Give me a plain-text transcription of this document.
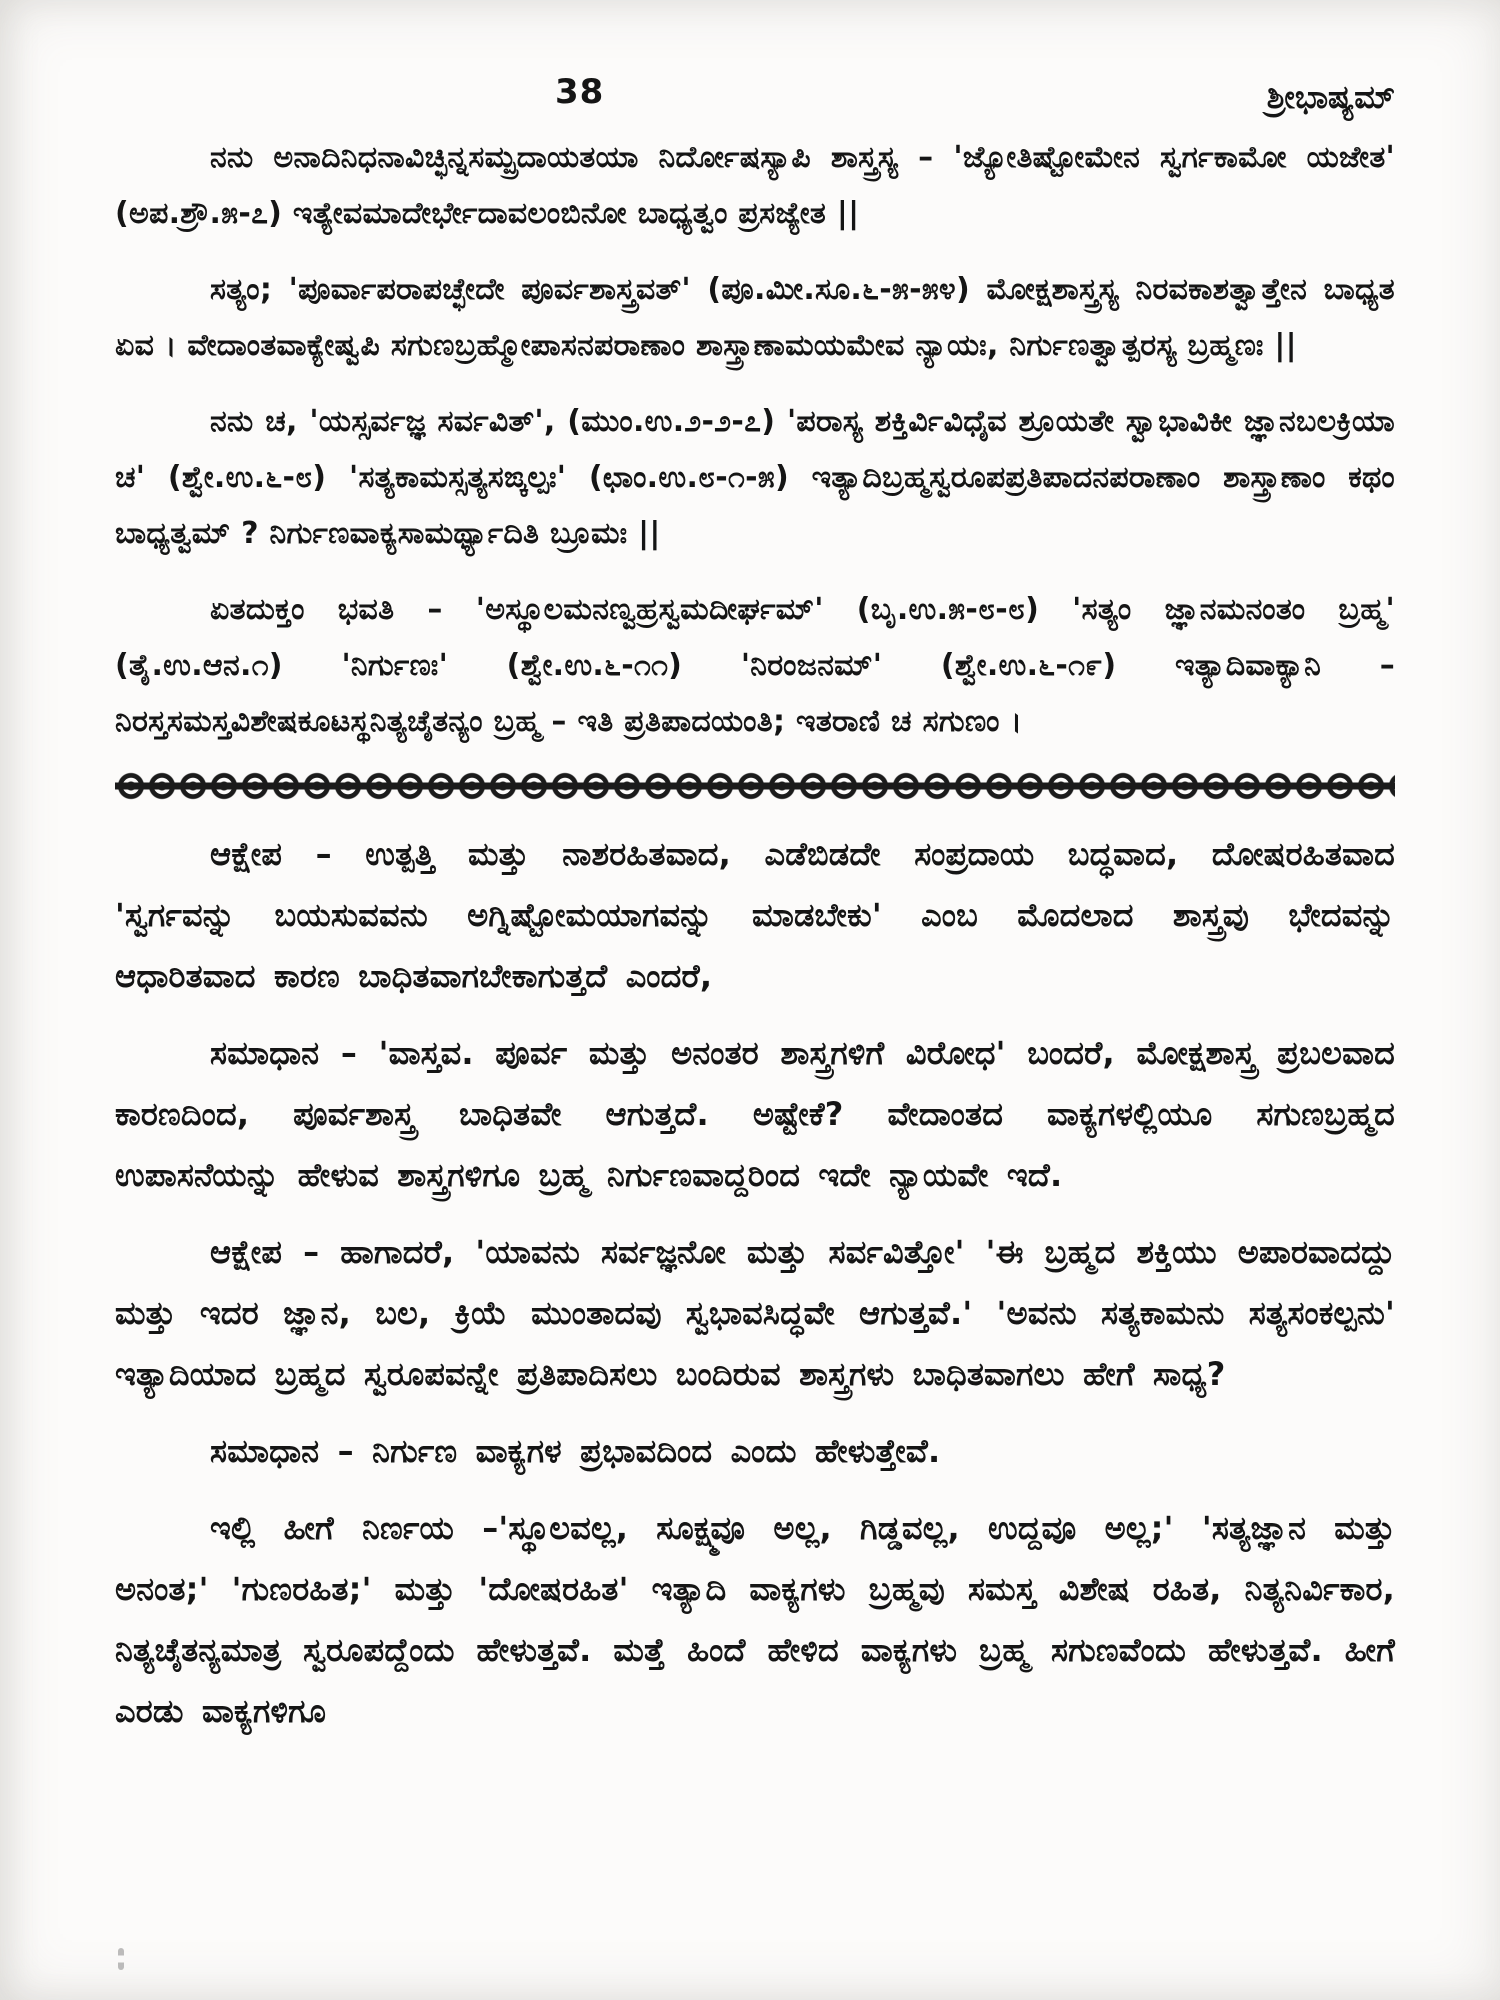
38	ಶ್ರೀಭಾಷ್ಯಮ್

ನನು ಅನಾದಿನಿಧನಾವಿಚ್ಛಿನ್ನಸಮ್ಪ್ರದಾಯತಯಾ ನಿರ್ದೋಷಸ್ಯಾಪಿ ಶಾಸ್ತ್ರಸ್ಯ – 'ಜ್ಯೋತಿಷ್ಟೋಮೇನ ಸ್ವರ್ಗಕಾಮೋ ಯಜೇತ' (ಅಪ.ಶ್ರೌ.೫-೭) ಇತ್ಯೇವಮಾದೇರ್ಭೇದಾವಲಂಬಿನೋ ಬಾಧ್ಯತ್ವಂ ಪ್ರಸಜ್ಯೇತ ||

ಸತ್ಯಂ; 'ಪೂರ್ವಾಪರಾಪಚ್ಛೇದೇ ಪೂರ್ವಶಾಸ್ತ್ರವತ್' (ಪೂ.ಮೀ.ಸೂ.೬-೫-೫೪) ಮೋಕ್ಷಶಾಸ್ತ್ರಸ್ಯ ನಿರವಕಾಶತ್ವಾತ್ತೇನ ಬಾಧ್ಯತ ಏವ । ವೇದಾಂತವಾಕ್ಯೇಷ್ವಪಿ ಸಗುಣಬ್ರಹ್ಮೋಪಾಸನಪರಾಣಾಂ ಶಾಸ್ತ್ರಾಣಾಮಯಮೇವ ನ್ಯಾಯಃ, ನಿರ್ಗುಣತ್ವಾತ್ಪರಸ್ಯ ಬ್ರಹ್ಮಣಃ ||

ನನು ಚ, 'ಯಸ್ಸರ್ವಜ್ಞ ಸರ್ವವಿತ್', (ಮುಂ.ಉ.೨-೨-೭) 'ಪರಾಸ್ಯ ಶಕ್ತಿರ್ವಿವಿಧೈವ ಶ್ರೂಯತೇ ಸ್ವಾಭಾವಿಕೀ ಜ್ಞಾನಬಲಕ್ರಿಯಾ ಚ' (ಶ್ವೇ.ಉ.೬-೮) 'ಸತ್ಯಕಾಮಸ್ಸತ್ಯಸಙ್ಕಲ್ಪಃ' (ಛಾಂ.ಉ.೮-೧-೫) ಇತ್ಯಾದಿಬ್ರಹ್ಮಸ್ವರೂಪಪ್ರತಿಪಾದನಪರಾಣಾಂ ಶಾಸ್ತ್ರಾಣಾಂ ಕಥಂ ಬಾಧ್ಯತ್ವಮ್ ? ನಿರ್ಗುಣವಾಕ್ಯಸಾಮರ್ಥ್ಯಾದಿತಿ ಬ್ರೂಮಃ ||

ಏತದುಕ್ತಂ ಭವತಿ – 'ಅಸ್ಥೂಲಮನಣ್ವಹ್ರಸ್ವಮದೀರ್ಘಮ್' (ಬೃ.ಉ.೫-೮-೮) 'ಸತ್ಯಂ ಜ್ಞಾನಮನಂತಂ ಬ್ರಹ್ಮ' (ತೈ.ಉ.ಆನ.೧) 'ನಿರ್ಗುಣಃ' (ಶ್ವೇ.ಉ.೬-೧೧) 'ನಿರಂಜನಮ್' (ಶ್ವೇ.ಉ.೬-೧೯) ಇತ್ಯಾದಿವಾಕ್ಯಾನಿ – ನಿರಸ್ತಸಮಸ್ತವಿಶೇಷಕೂಟಸ್ಥನಿತ್ಯಚೈತನ್ಯಂ ಬ್ರಹ್ಮ – ಇತಿ ಪ್ರತಿಪಾದಯಂತಿ; ಇತರಾಣಿ ಚ ಸಗುಣಂ ।

ಆಕ್ಷೇಪ – ಉತ್ಪತ್ತಿ ಮತ್ತು ನಾಶರಹಿತವಾದ, ಎಡೆಬಿಡದೇ ಸಂಪ್ರದಾಯ ಬದ್ಧವಾದ, ದೋಷರಹಿತವಾದ 'ಸ್ವರ್ಗವನ್ನು ಬಯಸುವವನು ಅಗ್ನಿಷ್ಟೋಮಯಾಗವನ್ನು ಮಾಡಬೇಕು' ಎಂಬ ಮೊದಲಾದ ಶಾಸ್ತ್ರವು ಭೇದವನ್ನು ಆಧಾರಿತವಾದ ಕಾರಣ ಬಾಧಿತವಾಗಬೇಕಾಗುತ್ತದೆ ಎಂದರೆ,

ಸಮಾಧಾನ – 'ವಾಸ್ತವ. ಪೂರ್ವ ಮತ್ತು ಅನಂತರ ಶಾಸ್ತ್ರಗಳಿಗೆ ವಿರೋಧ' ಬಂದರೆ, ಮೋಕ್ಷಶಾಸ್ತ್ರ ಪ್ರಬಲವಾದ ಕಾರಣದಿಂದ, ಪೂರ್ವಶಾಸ್ತ್ರ ಬಾಧಿತವೇ ಆಗುತ್ತದೆ. ಅಷ್ಟೇಕೆ? ವೇದಾಂತದ ವಾಕ್ಯಗಳಲ್ಲಿಯೂ ಸಗುಣಬ್ರಹ್ಮದ ಉಪಾಸನೆಯನ್ನು ಹೇಳುವ ಶಾಸ್ತ್ರಗಳಿಗೂ ಬ್ರಹ್ಮ ನಿರ್ಗುಣವಾದ್ದರಿಂದ ಇದೇ ನ್ಯಾಯವೇ ಇದೆ.

ಆಕ್ಷೇಪ – ಹಾಗಾದರೆ, 'ಯಾವನು ಸರ್ವಜ್ಞನೋ ಮತ್ತು ಸರ್ವವಿತ್ತೋ' 'ಈ ಬ್ರಹ್ಮದ ಶಕ್ತಿಯು ಅಪಾರವಾದದ್ದು ಮತ್ತು ಇದರ ಜ್ಞಾನ, ಬಲ, ಕ್ರಿಯೆ ಮುಂತಾದವು ಸ್ವಭಾವಸಿದ್ಧವೇ ಆಗುತ್ತವೆ.' 'ಅವನು ಸತ್ಯಕಾಮನು ಸತ್ಯಸಂಕಲ್ಪನು' ಇತ್ಯಾದಿಯಾದ ಬ್ರಹ್ಮದ ಸ್ವರೂಪವನ್ನೇ ಪ್ರತಿಪಾದಿಸಲು ಬಂದಿರುವ ಶಾಸ್ತ್ರಗಳು ಬಾಧಿತವಾಗಲು ಹೇಗೆ ಸಾಧ್ಯ?

ಸಮಾಧಾನ – ನಿರ್ಗುಣ ವಾಕ್ಯಗಳ ಪ್ರಭಾವದಿಂದ ಎಂದು ಹೇಳುತ್ತೇವೆ.

ಇಲ್ಲಿ ಹೀಗೆ ನಿರ್ಣಯ –'ಸ್ಥೂಲವಲ್ಲ, ಸೂಕ್ಷ್ಮವೂ ಅಲ್ಲ, ಗಿಡ್ಡವಲ್ಲ, ಉದ್ದವೂ ಅಲ್ಲ;' 'ಸತ್ಯಜ್ಞಾನ ಮತ್ತು ಅನಂತ;' 'ಗುಣರಹಿತ;' ಮತ್ತು 'ದೋಷರಹಿತ' ಇತ್ಯಾದಿ ವಾಕ್ಯಗಳು ಬ್ರಹ್ಮವು ಸಮಸ್ತ ವಿಶೇಷ ರಹಿತ, ನಿತ್ಯನಿರ್ವಿಕಾರ, ನಿತ್ಯಚೈತನ್ಯಮಾತ್ರ ಸ್ವರೂಪದ್ದೆಂದು ಹೇಳುತ್ತವೆ. ಮತ್ತೆ ಹಿಂದೆ ಹೇಳಿದ ವಾಕ್ಯಗಳು ಬ್ರಹ್ಮ ಸಗುಣವೆಂದು ಹೇಳುತ್ತವೆ. ಹೀಗೆ ಎರಡು ವಾಕ್ಯಗಳಿಗೂ
